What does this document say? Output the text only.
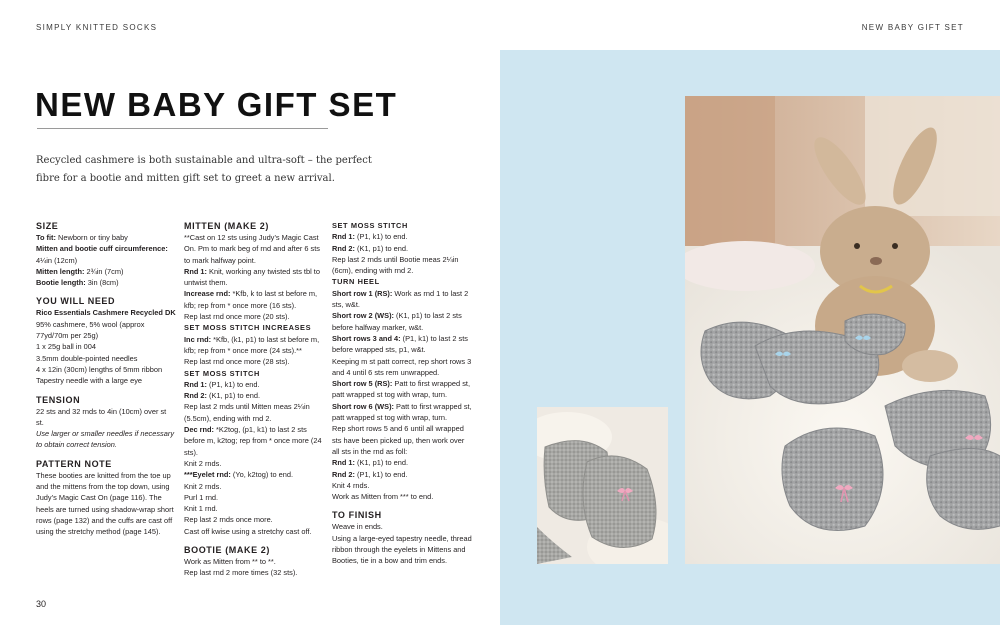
SIMPLY KNITTED SOCKS	NEW BABY GIFT SET
NEW BABY GIFT SET

Recycled cashmere is both sustainable and ultra-soft – the perfect fibre for a bootie and mitten gift set to greet a new arrival.

SIZE

To fit: Newborn or tiny baby

Mitten and bootie cuff circumference: 4¼in (12cm)

Mitten length: 2¾in (7cm)

Bootie length: 3in (8cm)

YOU WILL NEED

Rico Essentials Cashmere Recycled DK 95% cashmere, 5% wool (approx 77yd/70m per 25g)

1 x 25g ball in 004

3.5mm double-pointed needles

4 x 12in (30cm) lengths of 5mm ribbon

Tapestry needle with a large eye

TENSION

22 sts and 32 rnds to 4in (10cm) over st st.

Use larger or smaller needles if necessary to obtain correct tension.

PATTERN NOTE

These booties are knitted from the toe up and the mittens from the top down, using Judy’s Magic Cast On (page 116). The heels are turned using shadow-wrap short rows (page 132) and the cuffs are cast off using the stretchy method (page 145).

MITTEN (MAKE 2)

**Cast on 12 sts using Judy’s Magic Cast On. Pm to mark beg of rnd and after 6 sts to mark halfway point.

Rnd 1: Knit, working any twisted sts tbl to untwist them.

Increase rnd: *Kfb, k to last st before m, kfb; rep from * once more (16 sts).

Rep last rnd once more (20 sts).

SET MOSS STITCH INCREASES

Inc rnd: *Kfb, (k1, p1) to last st before m, kfb; rep from * once more (24 sts).**

Rep last rnd once more (28 sts).

SET MOSS STITCH

Rnd 1: (P1, k1) to end.

Rnd 2: (K1, p1) to end.

Rep last 2 rnds until Mitten meas 2¼in (5.5cm), ending with rnd 2.

Dec rnd: *K2tog, (p1, k1) to last 2 sts before m, k2tog; rep from * once more (24 sts).

Knit 2 rnds.

***Eyelet rnd: (Yo, k2tog) to end.

Knit 2 rnds.

Purl 1 rnd.

Knit 1 rnd.

Rep last 2 rnds once more.

Cast off kwise using a stretchy cast off.

BOOTIE (MAKE 2)

Work as Mitten from ** to **.

Rep last rnd 2 more times (32 sts).

SET MOSS STITCH

Rnd 1: (P1, k1) to end.

Rnd 2: (K1, p1) to end.

Rep last 2 rnds until Bootie meas 2¼in (6cm), ending with rnd 2.

TURN HEEL

Short row 1 (RS): Work as rnd 1 to last 2 sts, w&t.

Short row 2 (WS): (K1, p1) to last 2 sts before halfway marker, w&t.

Short rows 3 and 4: (P1, k1) to last 2 sts before wrapped sts, p1, w&t.

Keeping m st patt correct, rep short rows 3 and 4 until 6 sts rem unwrapped.

Short row 5 (RS): Patt to first wrapped st, patt wrapped st tog with wrap, turn.

Short row 6 (WS): Patt to first wrapped st, patt wrapped st tog with wrap, turn.

Rep short rows 5 and 6 until all wrapped sts have been picked up, then work over all sts in the rnd as foll:

Rnd 1: (K1, p1) to end.

Rnd 2: (P1, k1) to end.

Knit 4 rnds.

Work as Mitten from *** to end.

TO FINISH

Weave in ends.

Using a large-eyed tapestry needle, thread ribbon through the eyelets in Mittens and Booties, tie in a bow and trim ends.

30
